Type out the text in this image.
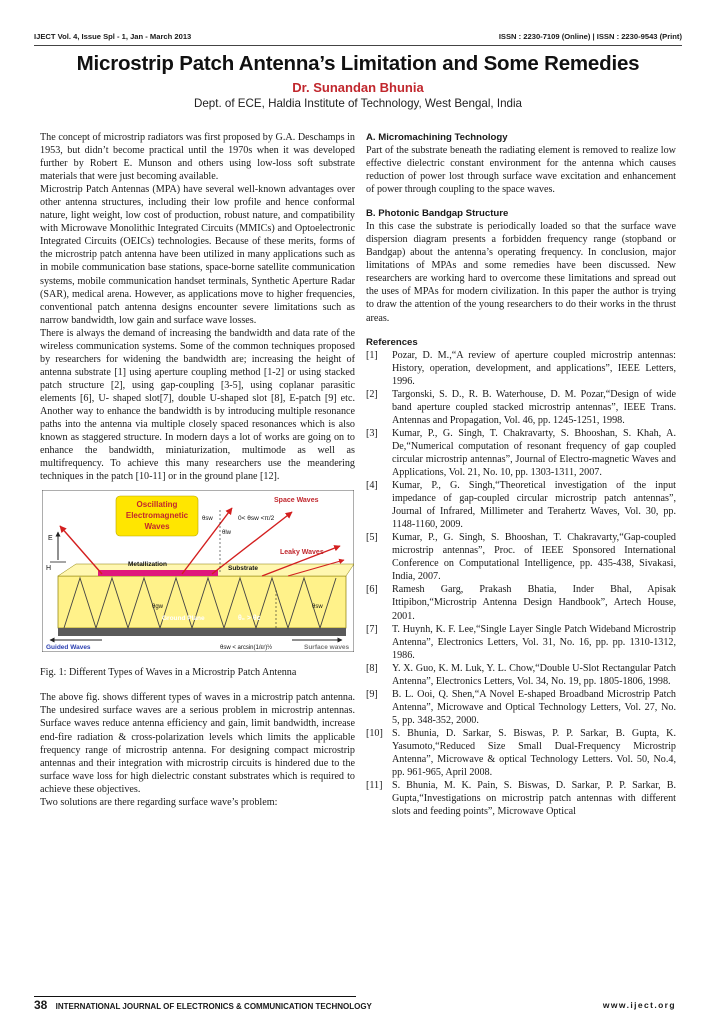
IJECT Vol. 4, Issue Spl - 1, Jan - March 2013	ISSN : 2230-7109 (Online) | ISSN : 2230-9543 (Print)
Microstrip Patch Antenna’s Limitation and Some Remedies
Dr. Sunandan Bhunia
Dept. of ECE, Haldia Institute of Technology, West Bengal, India

The concept of microstrip radiators was first proposed by G.A. Deschamps in 1953, but didn’t become practical until the 1970s when it was developed further by Robert E. Munson and others using low-loss soft substrate materials that were just becoming available.

Microstrip Patch Antennas (MPA) have several well-known advantages over other antenna structures, including their low profile and hence conformal nature, light weight, low cost of production, robust nature, and compatibility with Microwave Monolithic Integrated Circuits (MMICs) and Optoelectronic Integrated Circuits (OEICs) technologies. Because of these merits, forms of the microstrip patch antenna have been utilized in many applications such as in mobile communication base stations, space-borne satellite communication systems, mobile communication handset terminals, Synthetic Aperture Radar (SAR), medical arena. However, as applications move to higher frequencies, conventional patch antenna designs encounter severe limitations such as narrow bandwidth, low gain and surface wave losses.

There is always the demand of increasing the bandwidth and data rate of the wireless communication systems. Some of the common techniques proposed by researchers for widening the bandwidth are; increasing the height of antenna substrate [1] using aperture coupling method [1-2] or using stacked patch structure [2], using gap-coupling [3-5], using coplanar parasitic elements [6], U- shaped slot[7], double U-shaped slot [8], E-patch [9] etc. Another way to enhance the bandwidth is by introducing multiple resonance paths into the antenna via multiple closely spaced resonances which is also known as staggered structure. In modern days a lot of works are going on to enhance the bandwidth, miniaturization, multimode as well as multifrequency. To achieve this many researchers use the meandering techniques in the patch [10-11] or in the ground plane [12].

Oscillating
Electromagnetic
Waves
Space Waves
Leaky Waves
Metallization
Substrate
Ground Plane
Guided Waves	Surface waves
E
H
θsw
θlw
0< θsw <π/2
θ₀ > θc
θgw	θsw
θsw < arcsin(1/εr)½

Fig. 1: Different Types of Waves in a Microstrip Patch Antenna

The above fig. shows different types of waves in a microstrip patch antenna. The undesired surface waves are a serious problem in microstrip antennas. Surface waves reduce antenna efficiency and gain, limit bandwidth, increase end-fire radiation & cross-polarization levels which limits the applicable frequency range of microstrip antenna. For designing compact microstrip antennas and their integration with microstrip circuits is hindered due to the surface wave loss for high dielectric constant substrates which is required to achieve these objectives.

Two solutions are there regarding surface wave’s problem:

A. Micromachining Technology

Part of the substrate beneath the radiating element is removed to realize low effective dielectric constant environment for the antenna which causes reduction of power lost through surface wave excitation and enhancement of power through coupling to the space waves.

B. Photonic Bandgap Structure

In this case the substrate is periodically loaded so that the surface wave dispersion diagram presents a forbidden frequency range (stopband or Bandgap) about the antenna’s operating frequency. In conclusion, major limitations of MPAs and some remedies have been discussed. New researchers are working hard to overcome these limitations and spread out the uses of MPAs for modern civilization. In this paper the author is trying to draw the attention of the young researchers to do their works in the thrust areas.

References
[1]	Pozar, D. M.,“A review of aperture coupled microstrip antennas: History, operation, development, and applications”, IEEE Letters, 1996.
[2]	Targonski, S. D., R. B. Waterhouse, D. M. Pozar,“Design of wide band aperture coupled stacked microstrip antennas”, IEEE Trans. Antennas and Propagation, Vol. 46, pp. 1245-1251, 1998.
[3]	Kumar, P., G. Singh, T. Chakravarty, S. Bhooshan, S. Khah, A. De,“Numerical computation of resonant frequency of gap coupled circular microstrip antennas”, Journal of Electro-magnetic Waves and Applications, Vol. 21, No. 10, pp. 1303-1311, 2007.
[4]	Kumar, P., G. Singh,“Theoretical investigation of the input impedance of gap-coupled circular microstrip patch antennas”, Journal of Infrared, Millimeter and Terahertz Waves, Vol. 30, pp. 1148-1160, 2009.
[5]	Kumar, P., G. Singh, S. Bhooshan, T. Chakravarty,“Gap-coupled microstrip antennas”, Proc. of IEEE Sponsored International Conference on Computational Intelligence, pp. 435-438, Sivakasi, India, 2007.
[6]	Ramesh Garg, Prakash Bhatia, Inder Bhal, Apisak Ittipibon,“Microstrip Antenna Design Handbook”, Artech House, 2001.
[7]	T. Huynh, K. F. Lee,“Single Layer Single Patch Wideband Microstrip Antenna”, Electronics Letters, Vol. 31, No. 16, pp. pp. 1310-1312, 1986.
[8]	Y. X. Guo, K. M. Luk, Y. L. Chow,“Double U-Slot Rectangular Patch Antenna”, Electronics Letters, Vol. 34, No. 19, pp. 1805-1806, 1998.
[9]	B. L. Ooi, Q. Shen,“A Novel E-shaped Broadband Microstrip Patch Antenna”, Microwave and Optical Technology Letters, Vol. 27, No. 5, pp. 348-352, 2000.
[10] S. Bhunia, D. Sarkar, S. Biswas, P. P. Sarkar, B. Gupta, K. Yasumoto,“Reduced Size Small Dual-Frequency Microstrip Antenna”, Microwave & optical Technology Letters. Vol. 50, No.4, pp. 961-965, April 2008.
[11] S. Bhunia, M. K. Pain, S. Biswas, D. Sarkar, P. P. Sarkar, B. Gupta,“Investigations on microstrip patch antennas with different slots and feeding points”, Microwave Optical
38 INTERNATIONAL JOURNAL OF ELECTRONICS & COMMUNICATION TECHNOLOGY	www.iject.org
